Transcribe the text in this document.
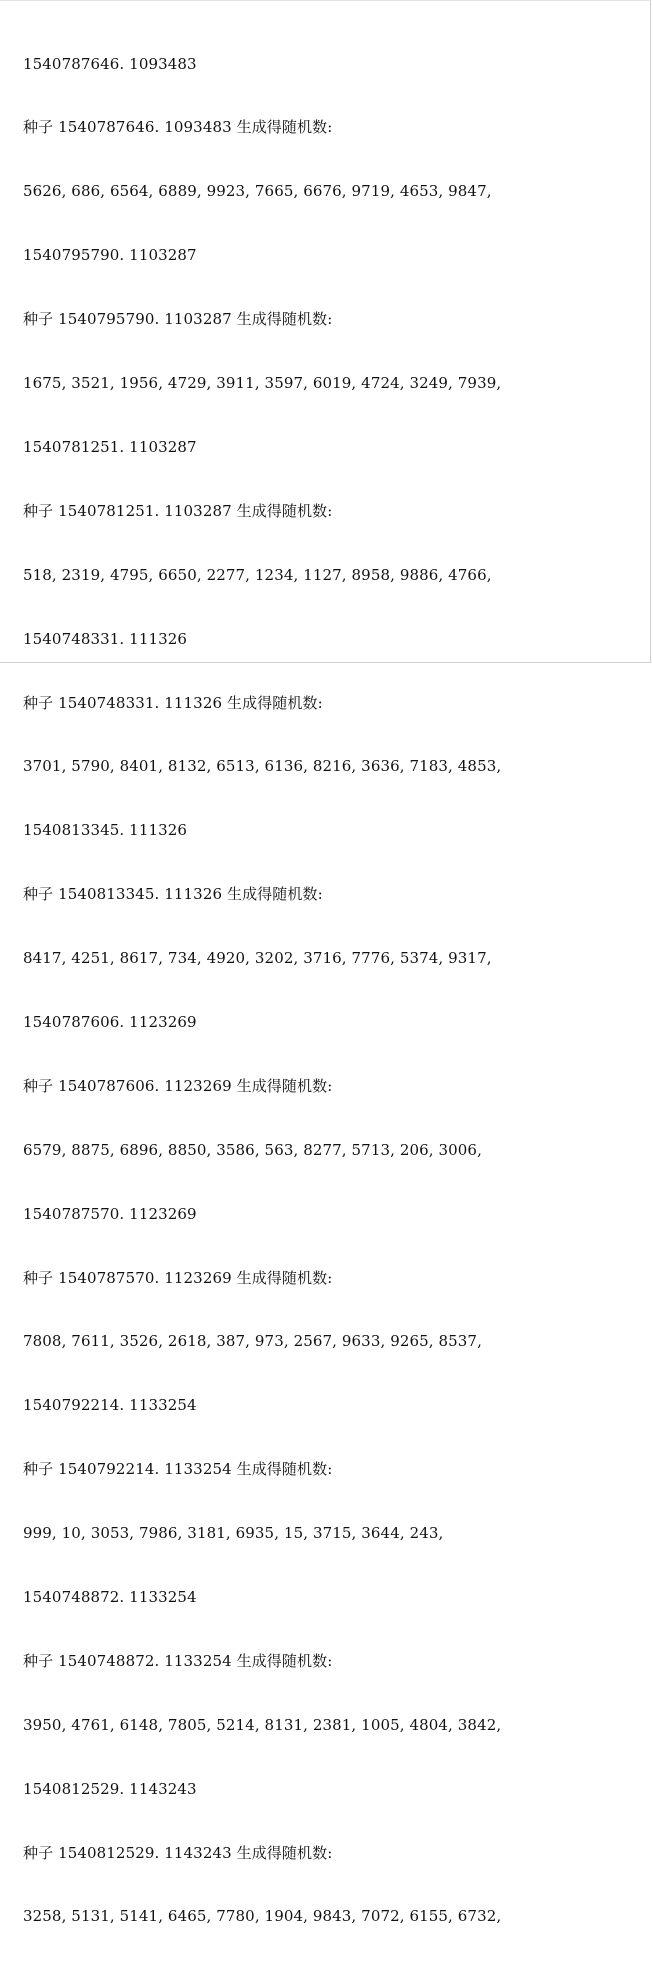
1540787646. 1093483

种子 1540787646. 1093483 生成得随机数:

5626, 686, 6564, 6889, 9923, 7665, 6676, 9719, 4653, 9847,

1540795790. 1103287

种子 1540795790. 1103287 生成得随机数:

1675, 3521, 1956, 4729, 3911, 3597, 6019, 4724, 3249, 7939,

1540781251. 1103287

种子 1540781251. 1103287 生成得随机数:

518, 2319, 4795, 6650, 2277, 1234, 1127, 8958, 9886, 4766,

1540748331. 111326

种子 1540748331. 111326 生成得随机数:

3701, 5790, 8401, 8132, 6513, 6136, 8216, 3636, 7183, 4853,

1540813345. 111326

种子 1540813345. 111326 生成得随机数:

8417, 4251, 8617, 734, 4920, 3202, 3716, 7776, 5374, 9317,

1540787606. 1123269

种子 1540787606. 1123269 生成得随机数:

6579, 8875, 6896, 8850, 3586, 563, 8277, 5713, 206, 3006,

1540787570. 1123269

种子 1540787570. 1123269 生成得随机数:

7808, 7611, 3526, 2618, 387, 973, 2567, 9633, 9265, 8537,

1540792214. 1133254

种子 1540792214. 1133254 生成得随机数:

999, 10, 3053, 7986, 3181, 6935, 15, 3715, 3644, 243,

1540748872. 1133254

种子 1540748872. 1133254 生成得随机数:

3950, 4761, 6148, 7805, 5214, 8131, 2381, 1005, 4804, 3842,

1540812529. 1143243

种子 1540812529. 1143243 生成得随机数:

3258, 5131, 5141, 6465, 7780, 1904, 9843, 7072, 6155, 6732,
